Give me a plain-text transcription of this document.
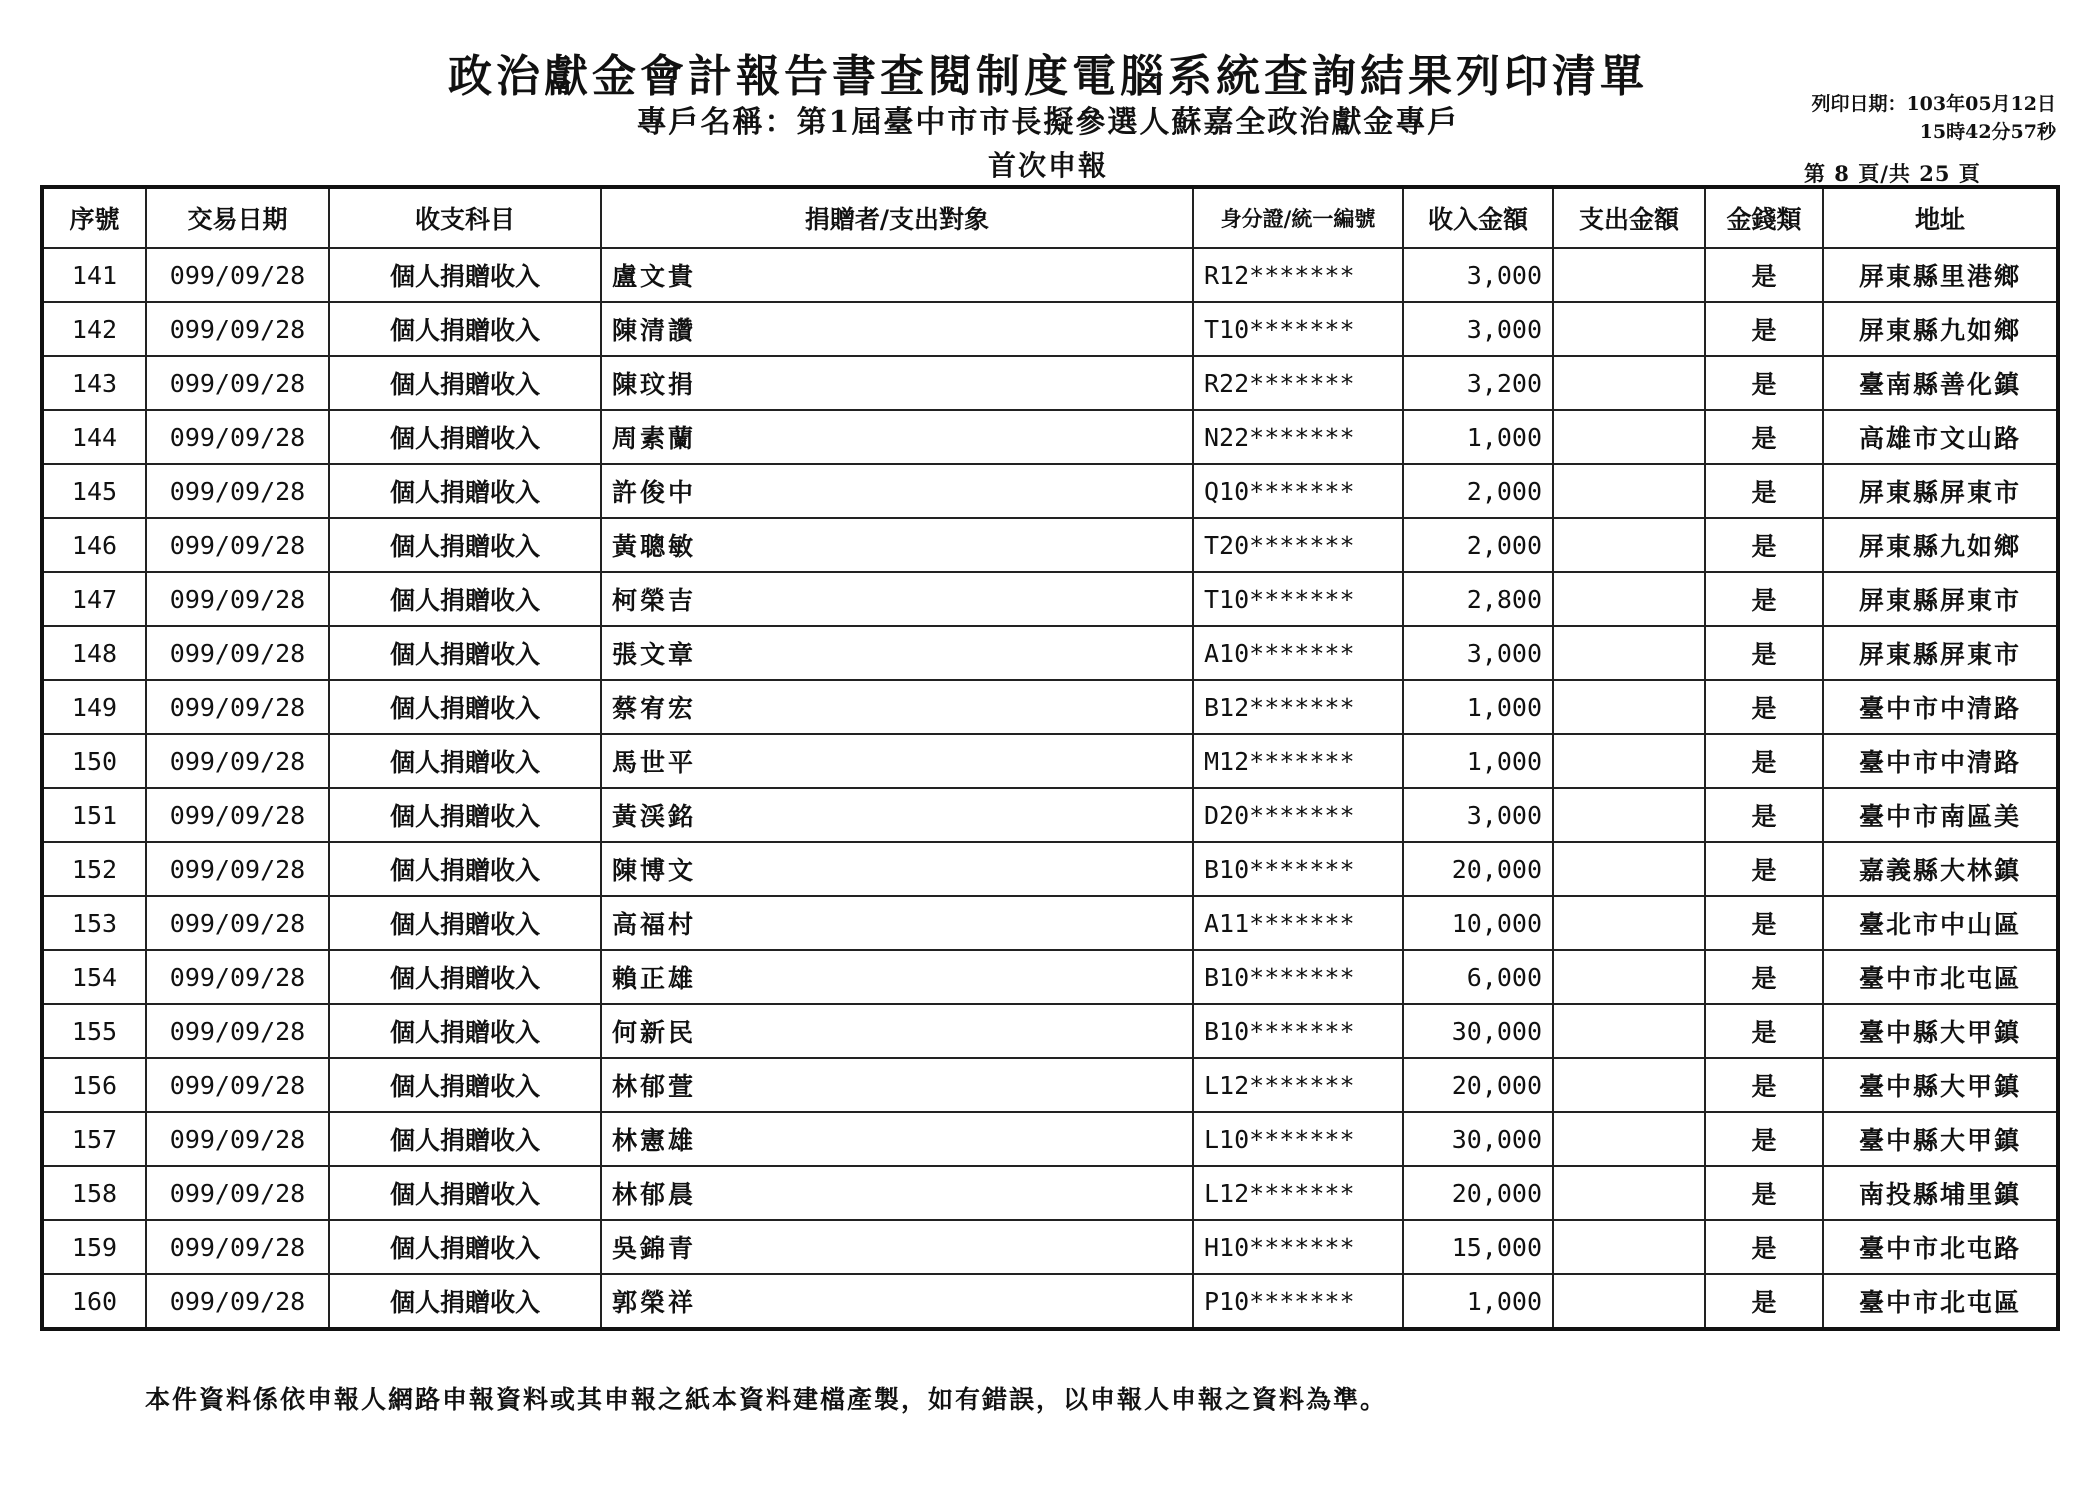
政治獻金會計報告書查閱制度電腦系統查詢結果列印清單
專戶名稱：第1屆臺中市市長擬參選人蘇嘉全政治獻金專戶
首次申報
列印日期：103年05月12日
15時42分57秒
第 8 頁/共 25 頁
序號	交易日期	收支科目	捐贈者/支出對象	身分證/統一編號	收入金額	支出金額	金錢類	地址
141	099/09/28	個人捐贈收入	盧文貴	R12*******	3,000		是	屏東縣里港鄉
142	099/09/28	個人捐贈收入	陳清讚	T10*******	3,000		是	屏東縣九如鄉
143	099/09/28	個人捐贈收入	陳玟捐	R22*******	3,200		是	臺南縣善化鎮
144	099/09/28	個人捐贈收入	周素蘭	N22*******	1,000		是	高雄市文山路
145	099/09/28	個人捐贈收入	許俊中	Q10*******	2,000		是	屏東縣屏東市
146	099/09/28	個人捐贈收入	黃聰敏	T20*******	2,000		是	屏東縣九如鄉
147	099/09/28	個人捐贈收入	柯榮吉	T10*******	2,800		是	屏東縣屏東市
148	099/09/28	個人捐贈收入	張文章	A10*******	3,000		是	屏東縣屏東市
149	099/09/28	個人捐贈收入	蔡宥宏	B12*******	1,000		是	臺中市中清路
150	099/09/28	個人捐贈收入	馬世平	M12*******	1,000		是	臺中市中清路
151	099/09/28	個人捐贈收入	黃渓銘	D20*******	3,000		是	臺中市南區美
152	099/09/28	個人捐贈收入	陳博文	B10*******	20,000		是	嘉義縣大林鎮
153	099/09/28	個人捐贈收入	高福村	A11*******	10,000		是	臺北市中山區
154	099/09/28	個人捐贈收入	賴正雄	B10*******	6,000		是	臺中市北屯區
155	099/09/28	個人捐贈收入	何新民	B10*******	30,000		是	臺中縣大甲鎮
156	099/09/28	個人捐贈收入	林郁萱	L12*******	20,000		是	臺中縣大甲鎮
157	099/09/28	個人捐贈收入	林憲雄	L10*******	30,000		是	臺中縣大甲鎮
158	099/09/28	個人捐贈收入	林郁晨	L12*******	20,000		是	南投縣埔里鎮
159	099/09/28	個人捐贈收入	吳錦青	H10*******	15,000		是	臺中市北屯路
160	099/09/28	個人捐贈收入	郭榮祥	P10*******	1,000		是	臺中市北屯區
本件資料係依申報人網路申報資料或其申報之紙本資料建檔產製，如有錯誤，以申報人申報之資料為準。
